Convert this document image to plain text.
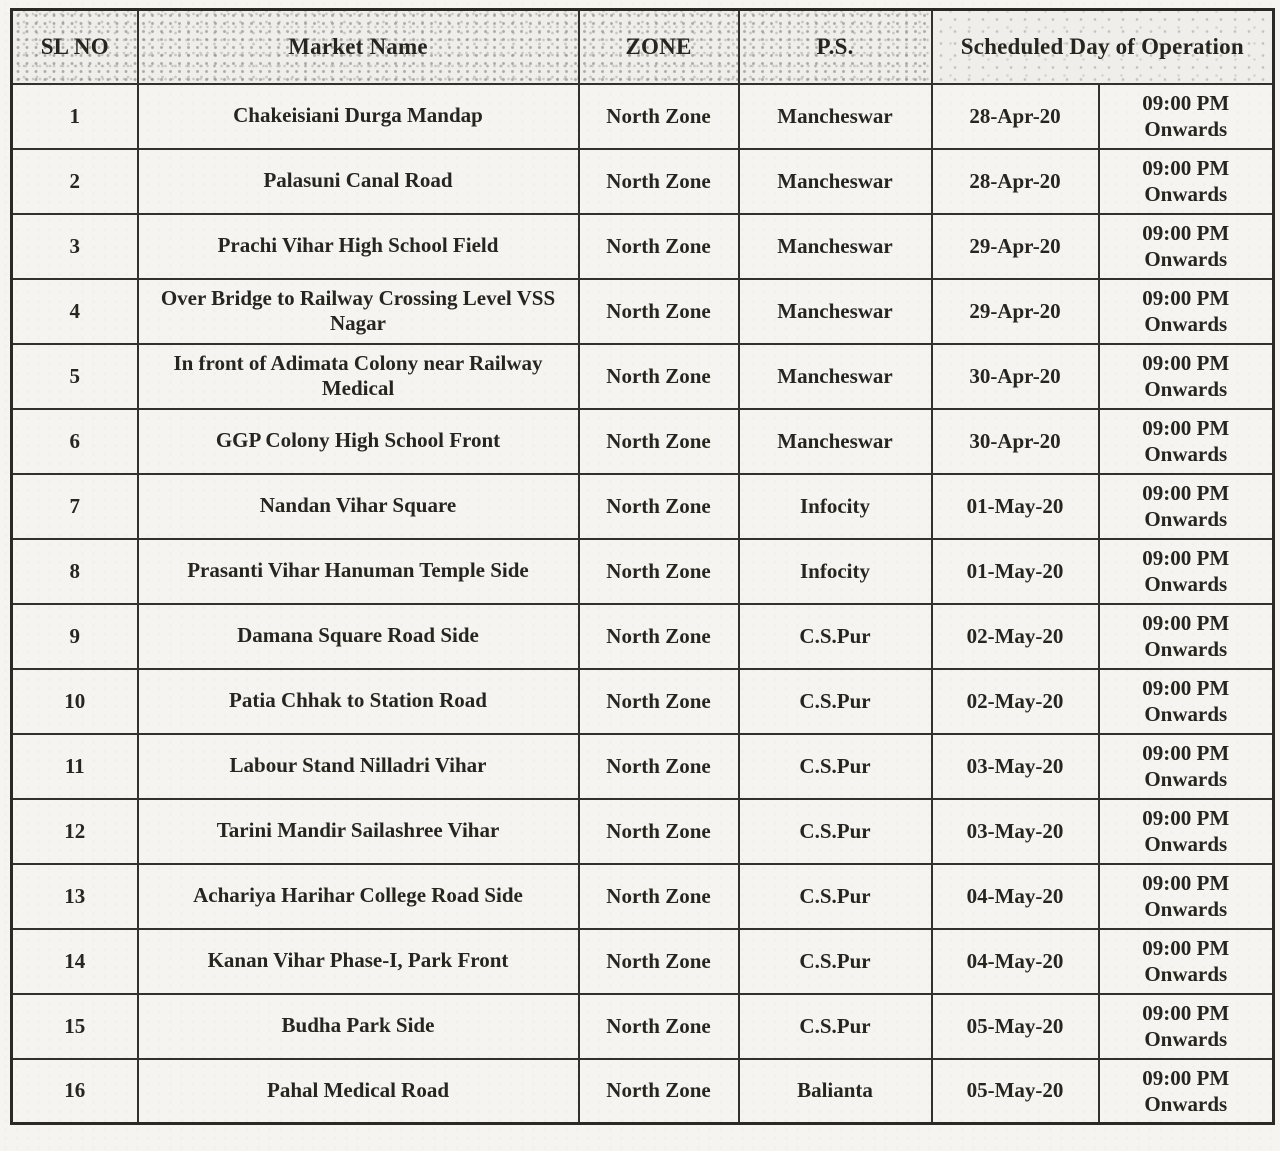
SL NO	Market Name	ZONE	P.S.	Scheduled Day of Operation	
1	Chakeisiani Durga Mandap	North Zone	Mancheswar	28-Apr-20	09:00 PM
Onwards

2	Palasuni Canal Road	North Zone	Mancheswar	28-Apr-20	09:00 PM
Onwards

3	Prachi Vihar High School Field	North Zone	Mancheswar	29-Apr-20	09:00 PM
Onwards

4	Over Bridge to Railway Crossing Level VSS Nagar	North Zone	Mancheswar	29-Apr-20	09:00 PM
Onwards

5	In front of Adimata Colony near Railway Medical	North Zone	Mancheswar	30-Apr-20	09:00 PM
Onwards

6	GGP Colony High School Front	North Zone	Mancheswar	30-Apr-20	09:00 PM
Onwards

7	Nandan Vihar Square	North Zone	Infocity	01-May-20	09:00 PM
Onwards

8	Prasanti Vihar Hanuman Temple Side	North Zone	Infocity	01-May-20	09:00 PM
Onwards

9	Damana Square Road Side	North Zone	C.S.Pur	02-May-20	09:00 PM
Onwards

10	Patia Chhak to Station Road	North Zone	C.S.Pur	02-May-20	09:00 PM
Onwards

11	Labour Stand Nilladri Vihar	North Zone	C.S.Pur	03-May-20	09:00 PM
Onwards

12	Tarini Mandir Sailashree Vihar	North Zone	C.S.Pur	03-May-20	09:00 PM
Onwards

13	Achariya Harihar College Road Side	North Zone	C.S.Pur	04-May-20	09:00 PM
Onwards

14	Kanan Vihar Phase-I, Park Front	North Zone	C.S.Pur	04-May-20	09:00 PM
Onwards

15	Budha Park Side	North Zone	C.S.Pur	05-May-20	09:00 PM
Onwards

16	Pahal Medical Road	North Zone	Balianta	05-May-20	09:00 PM
Onwards
